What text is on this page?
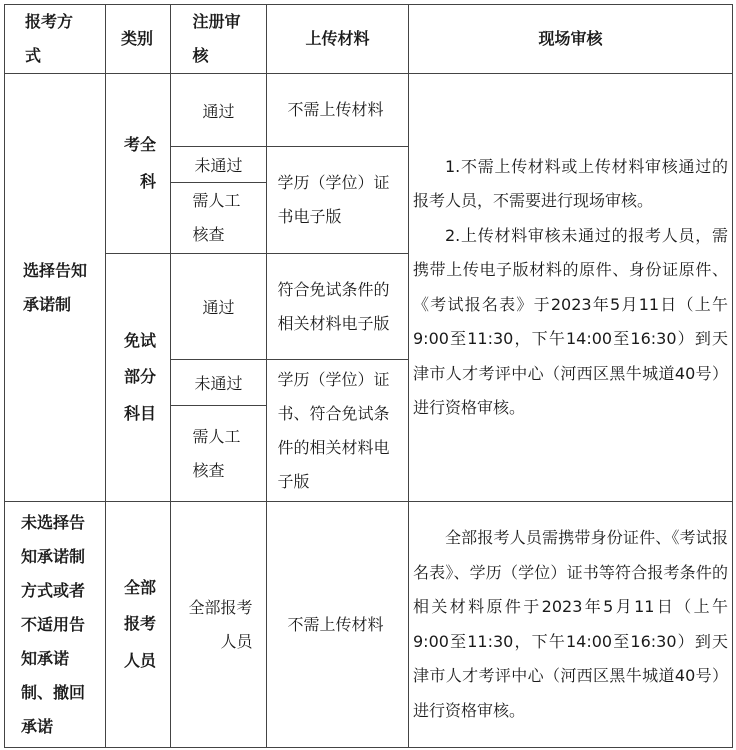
报考方式	类别	注册审核	上传材料	现场审核

选择告知承诺制	考全科	通过	不需上传材料	1.不需上传材料或上传材料审核通过的报考人员，不需要进行现场审核。

2.上传材料审核未通过的报考人员，需携带上传电子版材料的原件、身份证原件、《考试报名表》于2023年5月11日（上午9:00至11:30，下午14:00至16:30）到天津市人才考评中心（河西区黑牛城道40号）进行资格审核。

		未通过	学历（学位）证书电子版	

		需人工核查		

	免试部分科目	通过	符合免试条件的相关材料电子版	

		未通过	学历（学位）证书、符合免试条件的相关材料电子版	

		需人工核查		

未选择告知承诺制方式或者不适用告知承诺制、撤回承诺	全部报考人员	全部报考人员	不需上传材料	全部报考人员需携带身份证件、《考试报名表》、学历（学位）证书等符合报考条件的相关材料原件于2023年5月11日（上午9:00至11:30，下午14:00至16:30）到天津市人才考评中心（河西区黑牛城道40号）进行资格审核。
